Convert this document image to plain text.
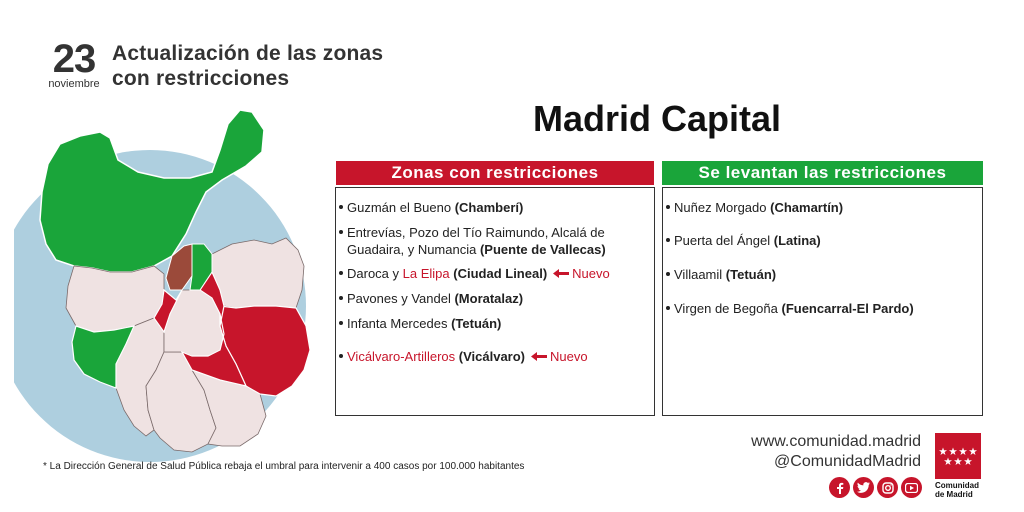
23
noviembre
Actualización de las zonas
con restricciones
Madrid Capital
Zonas con restricciones
Guzmán el Bueno (Chamberí)
Entrevías, Pozo del Tío Raimundo, Alcalá de
Guadaira, y Numancia (Puente de Vallecas)
Daroca y La Elipa (Ciudad Lineal) Nuevo
Pavones y Vandel (Moratalaz)
Infanta Mercedes (Tetuán)
Vicálvaro-Artilleros (Vicálvaro) Nuevo
Se levantan las restricciones
Nuñez Morgado (Chamartín)
Puerta del Ángel (Latina)
Villaamil (Tetuán)
Virgen de Begoña (Fuencarral-El Pardo)
* La Dirección General de Salud Pública rebaja el umbral para intervenir a 400 casos por 100.000 habitantes
www.comunidad.madrid
@ComunidadMadrid
Comunidad
de Madrid
